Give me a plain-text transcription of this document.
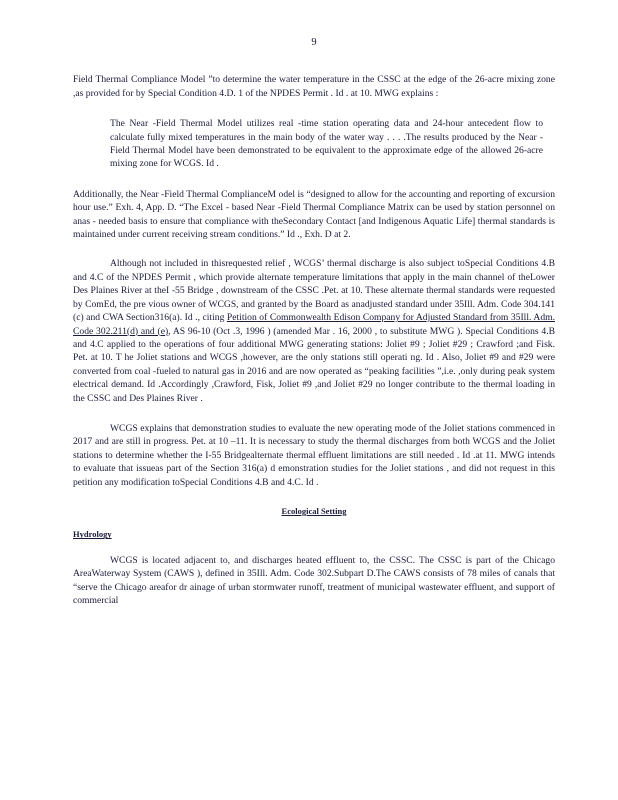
9

Field Thermal Compliance Model ”to determine the water temperature in the CSSC at the edge of the 26-acre mixing zone ,as provided for by Special Condition 4.D. 1 of the NPDES Permit . Id . at 10. MWG explains :

The Near -Field Thermal Model utilizes real -time station operating data and 24-hour antecedent flow to calculate fully mixed temperatures in the main body of the water way . . . .The results produced by the Near -Field Thermal Model have been demonstrated to be equivalent to the approximate edge of the allowed 26-acre mixing zone for WCGS. Id .

Additionally, the Near -Field Thermal ComplianceM odel is “designed to allow for the accounting and reporting of excursion hour use.” Exh. 4, App. D. “The Excel - based Near -Field Thermal Compliance Matrix can be used by station personnel on anas - needed basis to ensure that compliance with theSecondary Contact [and Indigenous Aquatic Life] thermal standards is maintained under current receiving stream conditions.” Id ., Exh. D at 2.

Although not included in thisrequested relief , WCGS’ thermal discharge is also subject toSpecial Conditions 4.B and 4.C of the NPDES Permit , which provide alternate temperature limitations that apply in the main channel of theLower Des Plaines River at theI -55 Bridge , downstream of the CSSC .Pet. at 10. These alternate thermal standards were requested by ComEd, the pre vious owner of WCGS, and granted by the Board as anadjusted standard under 35Ill. Adm. Code 304.141 (c) and CWA Section316(a). Id ., citing Petition of Commonwealth Edison Company for Adjusted Standard from 35Ill. Adm. Code 302.211(d) and (e), AS 96-10 (Oct .3, 1996 ) (amended Mar . 16, 2000 , to substitute MWG ). Special Conditions 4.B and 4.C applied to the operations of four additional MWG generating stations: Joliet #9 ; Joliet #29 ; Crawford ;and Fisk. Pet. at 10. T he Joliet stations and WCGS ,however, are the only stations still operati ng. Id . Also, Joliet #9 and #29 were converted from coal -fueled to natural gas in 2016 and are now operated as “peaking facilities ”,i.e. ,only during peak system electrical demand. Id .Accordingly ,Crawford, Fisk, Joliet #9 ,and Joliet #29 no longer contribute to the thermal loading in the CSSC and Des Plaines River .

WCGS explains that demonstration studies to evaluate the new operating mode of the Joliet stations commenced in 2017 and are still in progress. Pet. at 10 –11. It is necessary to study the thermal discharges from both WCGS and the Joliet stations to determine whether the I-55 Bridgealternate thermal effluent limitations are still needed . Id .at 11. MWG intends to evaluate that issueas part of the Section 316(a) d emonstration studies for the Joliet stations , and did not request in this petition any modification toSpecial Conditions 4.B and 4.C. Id .

Ecological Setting
Hydrology

WCGS is located adjacent to, and discharges heated effluent to, the CSSC. The CSSC is part of the Chicago AreaWaterway System (CAWS ), defined in 35Ill. Adm. Code 302.Subpart D.The CAWS consists of 78 miles of canals that “serve the Chicago areafor dr ainage of urban stormwater runoff, treatment of municipal wastewater effluent, and support of commercial
